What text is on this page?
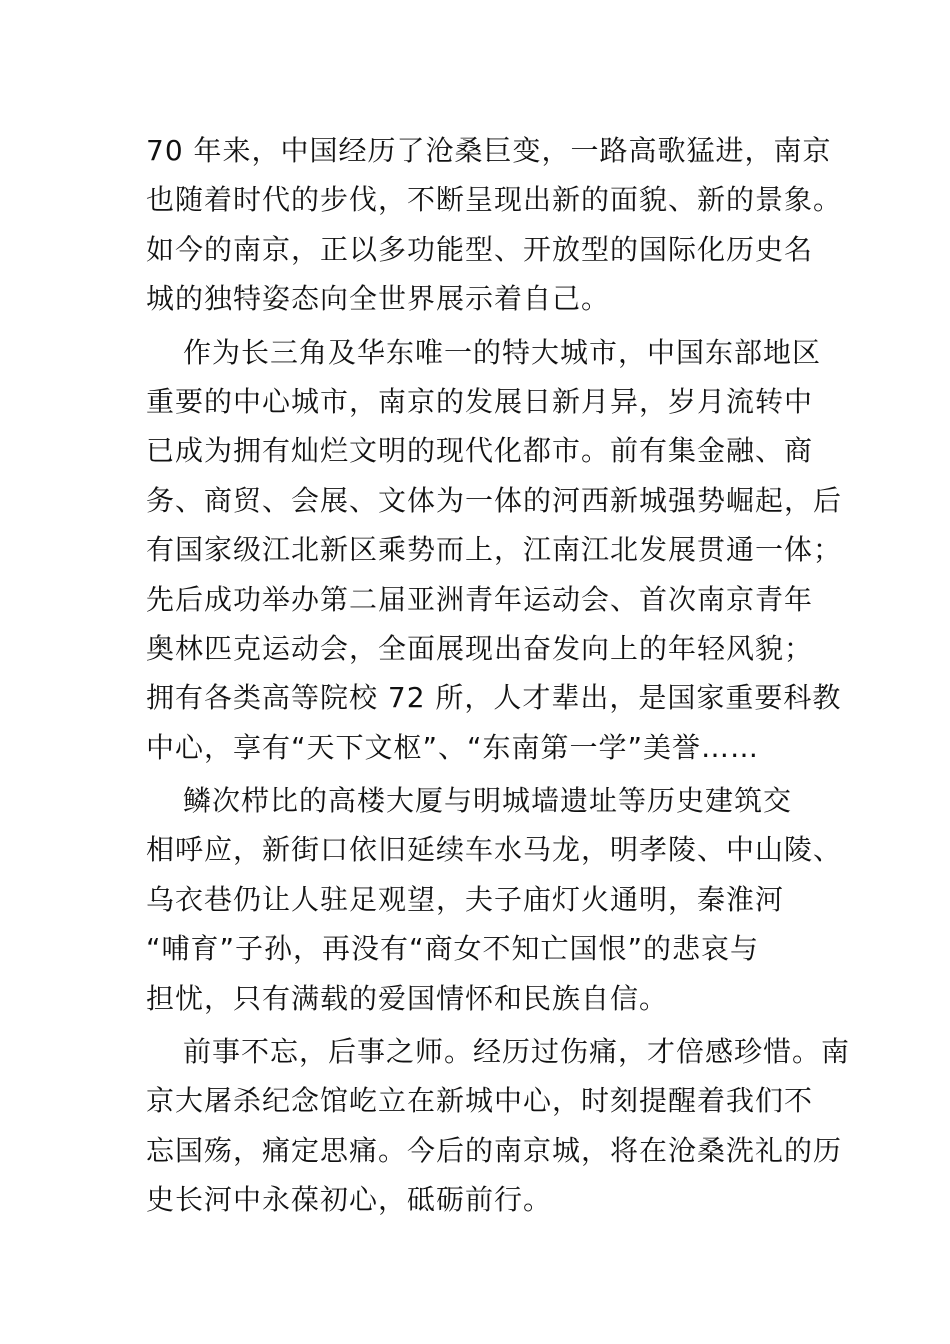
70 年来，中国经历了沧桑巨变，一路高歌猛进，南京
也随着时代的步伐，不断呈现出新的面貌、新的景象。
如今的南京，正以多功能型、开放型的国际化历史名
城的独特姿态向全世界展示着自己。
作为长三角及华东唯一的特大城市，中国东部地区
重要的中心城市，南京的发展日新月异，岁月流转中
已成为拥有灿烂文明的现代化都市。前有集金融、商
务、商贸、会展、文体为一体的河西新城强势崛起，后
有国家级江北新区乘势而上，江南江北发展贯通一体；
先后成功举办第二届亚洲青年运动会、首次南京青年
奥林匹克运动会，全面展现出奋发向上的年轻风貌；
拥有各类高等院校 72 所，人才辈出，是国家重要科教
中心，享有“天下文枢”、“东南第一学”美誉……
鳞次栉比的高楼大厦与明城墙遗址等历史建筑交
相呼应，新街口依旧延续车水马龙，明孝陵、中山陵、
乌衣巷仍让人驻足观望，夫子庙灯火通明，秦淮河
“哺育”子孙，再没有“商女不知亡国恨”的悲哀与
担忧，只有满载的爱国情怀和民族自信。
前事不忘，后事之师。经历过伤痛，才倍感珍惜。南
京大屠杀纪念馆屹立在新城中心，时刻提醒着我们不
忘国殇，痛定思痛。今后的南京城，将在沧桑洗礼的历
史长河中永葆初心，砥砺前行。
